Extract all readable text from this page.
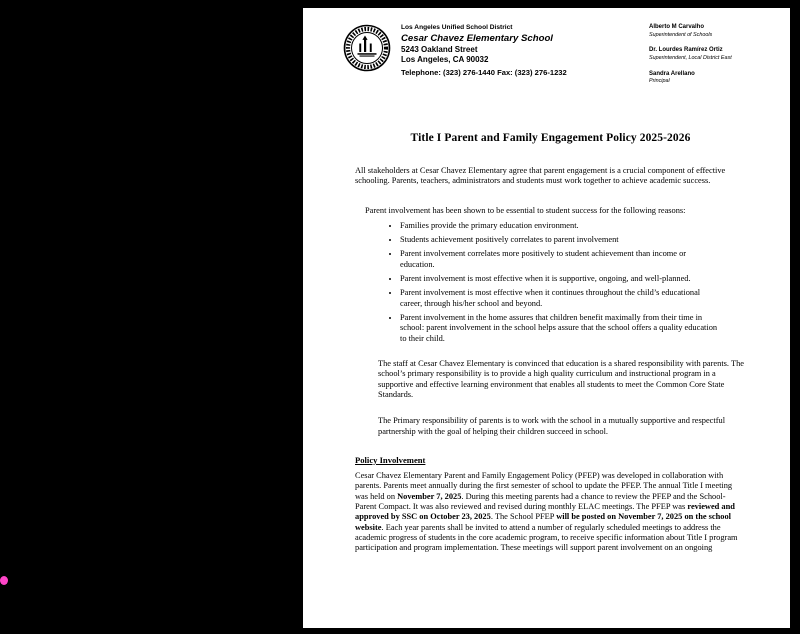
Los Angeles Unified School District
Cesar Chavez Elementary School
5243 Oakland Street
Los Angeles, CA 90032
Telephone: (323) 276-1440 Fax: (323) 276-1232
Alberto M Carvalho
Superintendent of Schools
Dr. Lourdes Ramírez Ortiz
Superintendent, Local District East
Sandra Arellano
Principal
Title I Parent and Family Engagement Policy 2025-2026
All stakeholders at Cesar Chavez Elementary agree that parent engagement is a crucial component of effective schooling. Parents, teachers, administrators and students must work together to achieve academic success.
Parent involvement has been shown to be essential to student success for the following reasons:
• Families provide the primary education environment.
• Students achievement positively correlates to parent involvement
• Parent involvement correlates more positively to student achievement than income or education.
• Parent involvement is most effective when it is supportive, ongoing, and well-planned.
• Parent involvement is most effective when it continues throughout the child’s educational career, through his/her school and beyond.
• Parent involvement in the home assures that children benefit maximally from their time in school: parent involvement in the school helps assure that the school offers a quality education to their child.
The staff at Cesar Chavez Elementary is convinced that education is a shared responsibility with parents. The school’s primary responsibility is to provide a high quality curriculum and instructional program in a supportive and effective learning environment that enables all students to meet the Common Core State Standards.
The Primary responsibility of parents is to work with the school in a mutually supportive and respectful partnership with the goal of helping their children succeed in school.
Policy Involvement
Cesar Chavez Elementary Parent and Family Engagement Policy (PFEP) was developed in collaboration with parents. Parents meet annually during the first semester of school to update the PFEP. The annual Title I meeting was held on November 7, 2025. During this meeting parents had a chance to review the PFEP and the School-Parent Compact. It was also reviewed and revised during monthly ELAC meetings. The PFEP was reviewed and approved by SSC on October 23, 2025. The School PFEP will be posted on November 7, 2025 on the school website. Each year parents shall be invited to attend a number of regularly scheduled meetings to address the academic progress of students in the core academic program, to receive specific information about Title I program participation and program implementation. These meetings will support parent involvement on an ongoing
